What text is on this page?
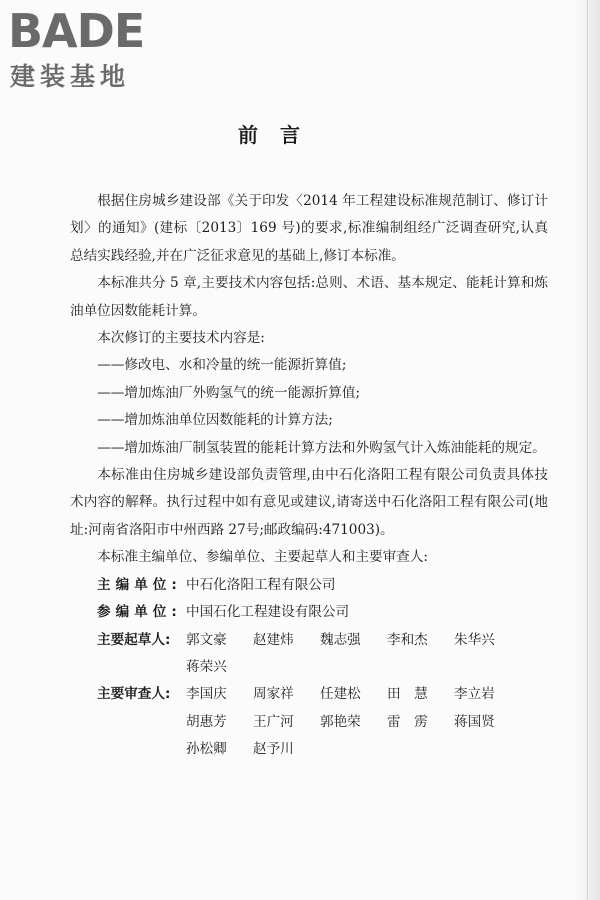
BADE
建装基地
前言

根据住房城乡建设部《关于印发〈2014 年工程建设标准规范制订、修订计划〉的通知》(建标〔2013〕169 号)的要求,标准编制组经广泛调查研究,认真总结实践经验,并在广泛征求意见的基础上,修订本标准。

本标准共分 5 章,主要技术内容包括:总则、术语、基本规定、能耗计算和炼油单位因数能耗计算。

本次修订的主要技术内容是:

——修改电、水和冷量的统一能源折算值;

——增加炼油厂外购氢气的统一能源折算值;

——增加炼油单位因数能耗的计算方法;

——增加炼油厂制氢装置的能耗计算方法和外购氢气计入炼油能耗的规定。

本标准由住房城乡建设部负责管理,由中石化洛阳工程有限公司负责具体技术内容的解释。执行过程中如有意见或建议,请寄送中石化洛阳工程有限公司(地址:河南省洛阳市中州西路 27号;邮政编码:471003)。

本标准主编单位、参编单位、主要起草人和主要审查人:

主编单位: 中石化洛阳工程有限公司
参编单位: 中国石化工程建设有限公司
主要起草人:	郭文豪	赵建炜	魏志强	李和杰	朱华兴
蒋荣兴
主要审查人:	李国庆	周家祥	任建松	田　慧	李立岩
胡惠芳	王广河	郭艳荣	雷　雳	蒋国贤
孙松卿	赵予川
